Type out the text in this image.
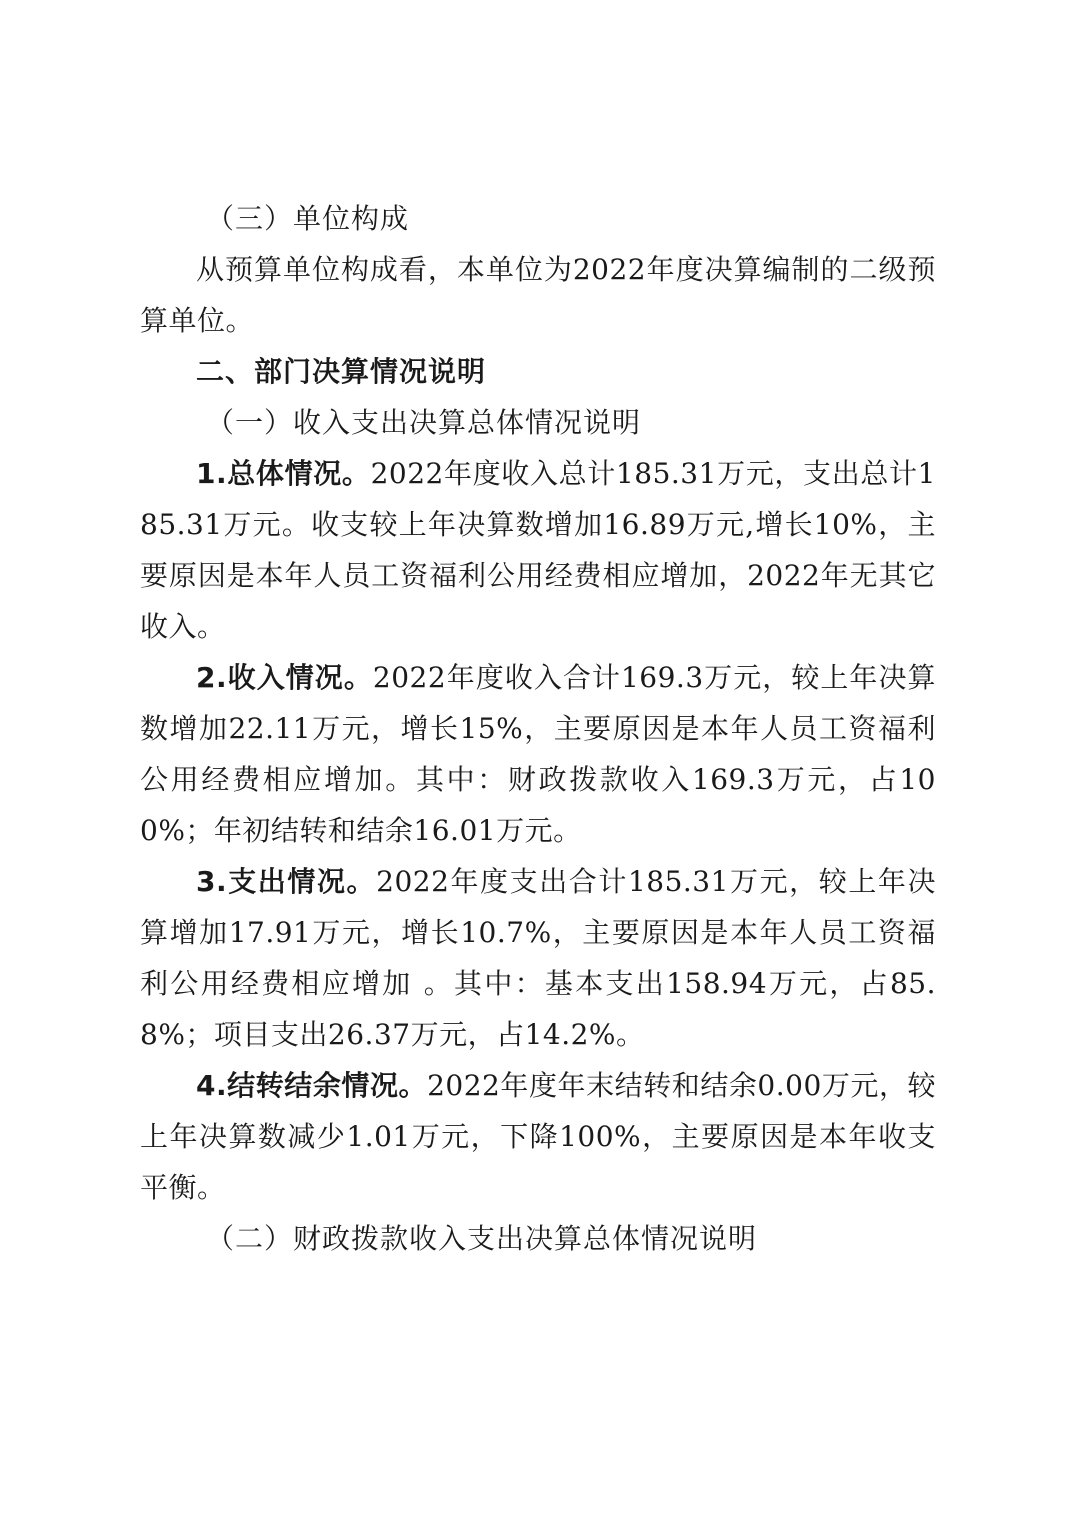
（三）单位构成

从预算单位构成看，本单位为2022年度决算编制的二级预算单位。

二、部门决算情况说明

（一）收入支出决算总体情况说明

1.总体情况。2022年度收入总计185.31万元，支出总计185.31万元。收支较上年决算数增加16.89万元,增长10%，主要原因是本年人员工资福利公用经费相应增加，2022年无其它收入。

2.收入情况。2022年度收入合计169.3万元，较上年决算数增加22.11万元，增长15%，主要原因是本年人员工资福利公用经费相应增加。其中：财政拨款收入169.3万元，占100%；年初结转和结余16.01万元。

3.支出情况。2022年度支出合计185.31万元，较上年决算增加17.91万元，增长10.7%，主要原因是本年人员工资福利公用经费相应增加 。其中：基本支出158.94万元，占85.8%；项目支出26.37万元，占14.2%。

4.结转结余情况。2022年度年末结转和结余0.00万元，较上年决算数减少1.01万元，下降100%，主要原因是本年收支平衡。

（二）财政拨款收入支出决算总体情况说明
